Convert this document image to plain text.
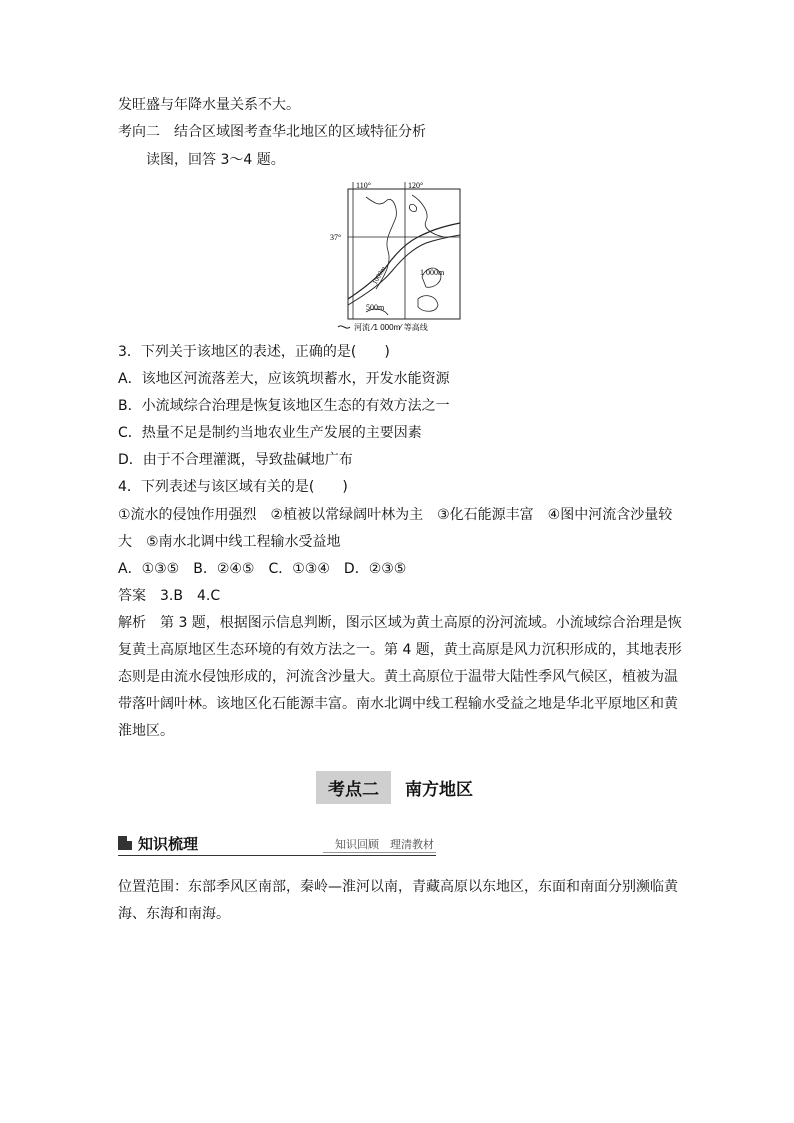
发旺盛与年降水量关系不大。
考向二　结合区域图考查华北地区的区域特征分析
读图，回答 3～4 题。
110°	120°
37°
1 000m
1000m
500m
河流 ⁄1 000m⁄ 等高线
3．下列关于该地区的表述，正确的是(　　)
A．该地区河流落差大，应该筑坝蓄水，开发水能资源
B．小流域综合治理是恢复该地区生态的有效方法之一
C．热量不足是制约当地农业生产发展的主要因素
D．由于不合理灌溉，导致盐碱地广布
4．下列表述与该区域有关的是(　　)
①流水的侵蚀作用强烈　②植被以常绿阔叶林为主　③化石能源丰富　④图中河流含沙量较
大　⑤南水北调中线工程输水受益地
A．①③⑤　B．②④⑤　C．①③④　D．②③⑤
答案　3.B　4.C
解析　第 3 题，根据图示信息判断，图示区域为黄土高原的汾河流域。小流域综合治理是恢
复黄土高原地区生态环境的有效方法之一。第 4 题，黄土高原是风力沉积形成的，其地表形
态则是由流水侵蚀形成的，河流含沙量大。黄土高原位于温带大陆性季风气候区，植被为温
带落叶阔叶林。该地区化石能源丰富。南水北调中线工程输水受益之地是华北平原地区和黄
淮地区。
考点二	南方地区
知识梳理	知识回顾　理清教材
位置范围：东部季风区南部，秦岭—淮河以南，青藏高原以东地区，东面和南面分别濒临黄
海、东海和南海。
